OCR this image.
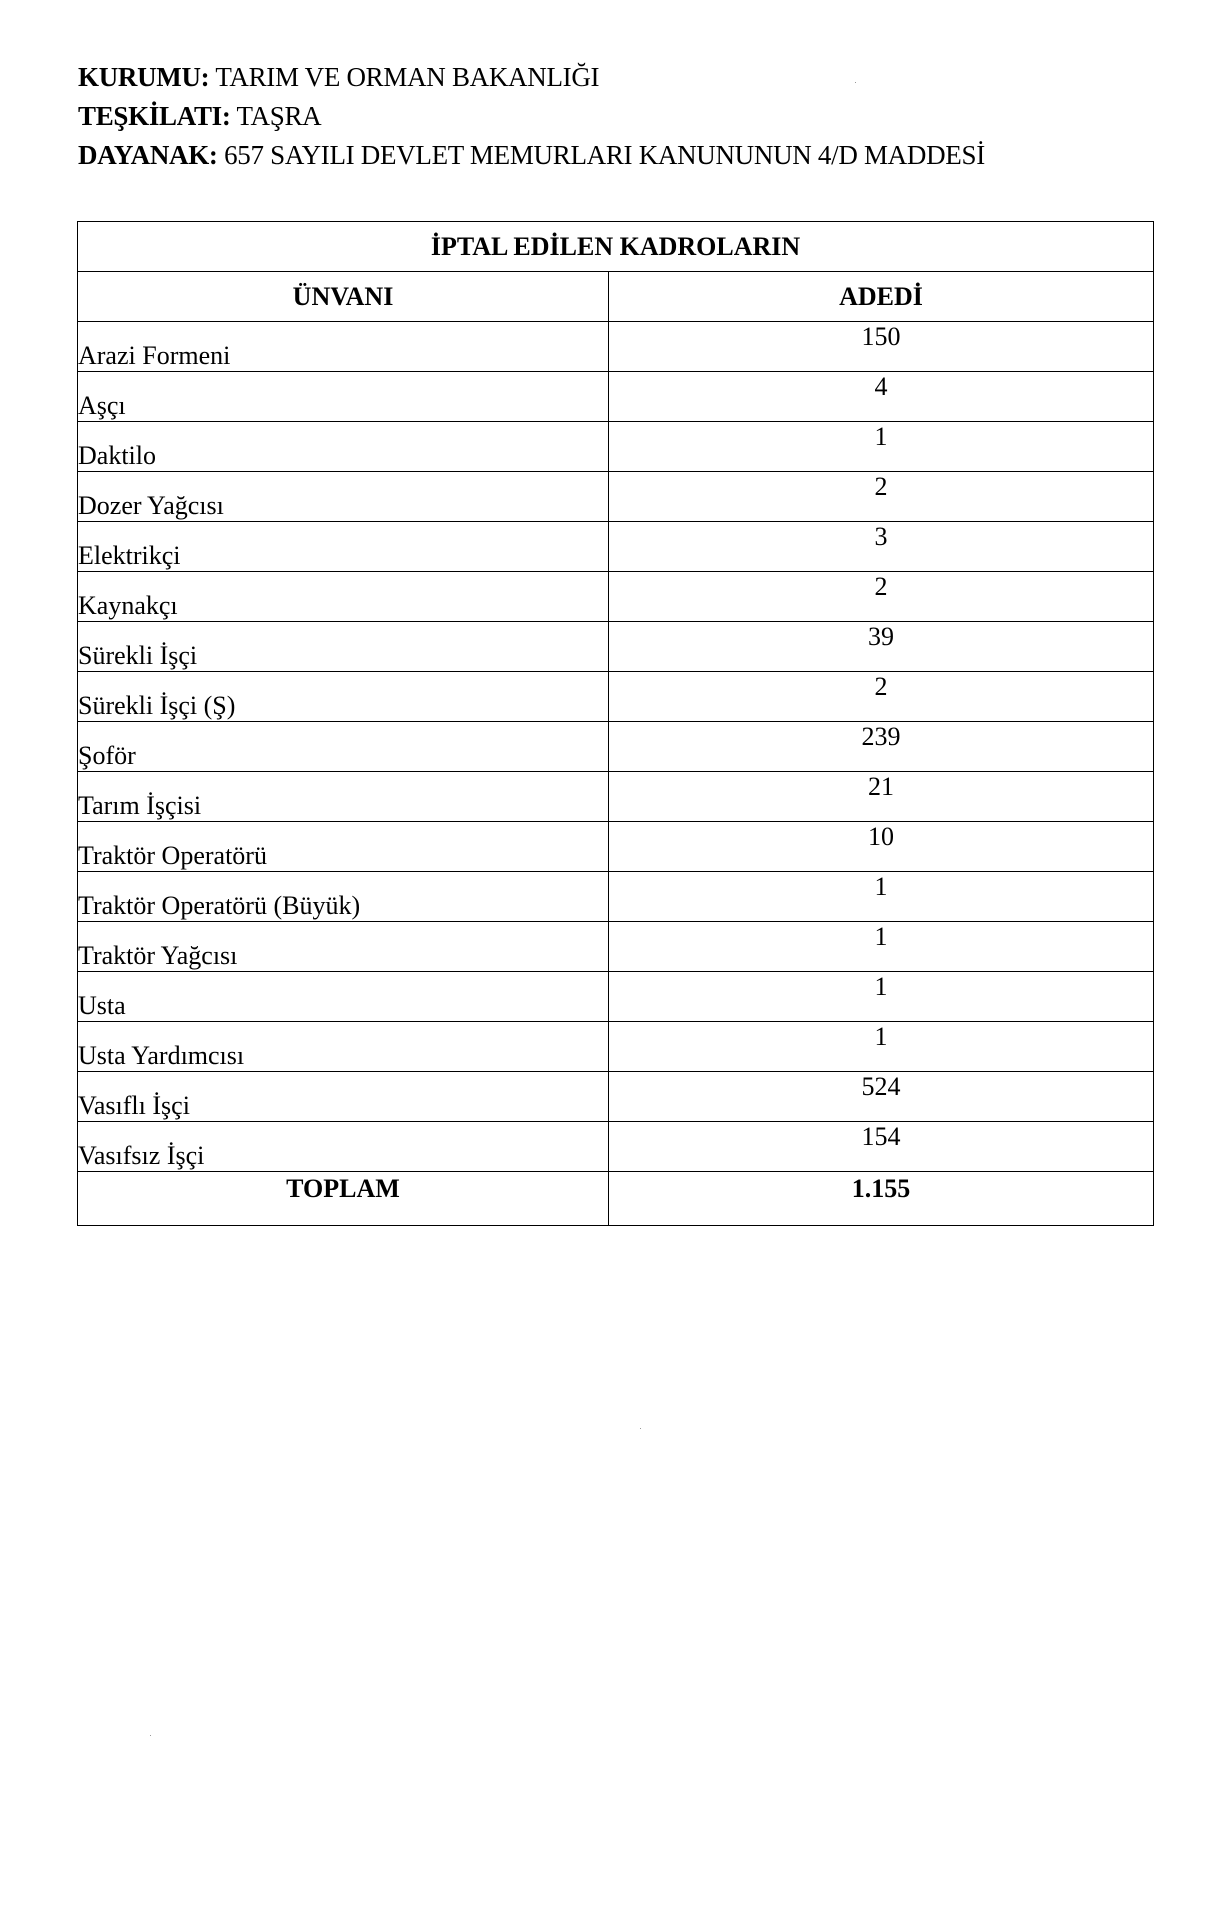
KURUMU: TARIM VE ORMAN BAKANLIĞI
TEŞKİLATI: TAŞRA
DAYANAK: 657 SAYILI DEVLET MEMURLARI KANUNUNUN 4/D MADDESİ
İPTAL EDİLEN KADROLARIN	
ÜNVANI	ADEDİ
Arazi Formeni	150
Aşçı	4
Daktilo	1
Dozer Yağcısı	2
Elektrikçi	3
Kaynakçı	2
Sürekli İşçi	39
Sürekli İşçi (Ş)	2
Şoför	239
Tarım İşçisi	21
Traktör Operatörü	10
Traktör Operatörü (Büyük)	1
Traktör Yağcısı	1
Usta	1
Usta Yardımcısı	1
Vasıflı İşçi	524
Vasıfsız İşçi	154
TOPLAM	1.155
